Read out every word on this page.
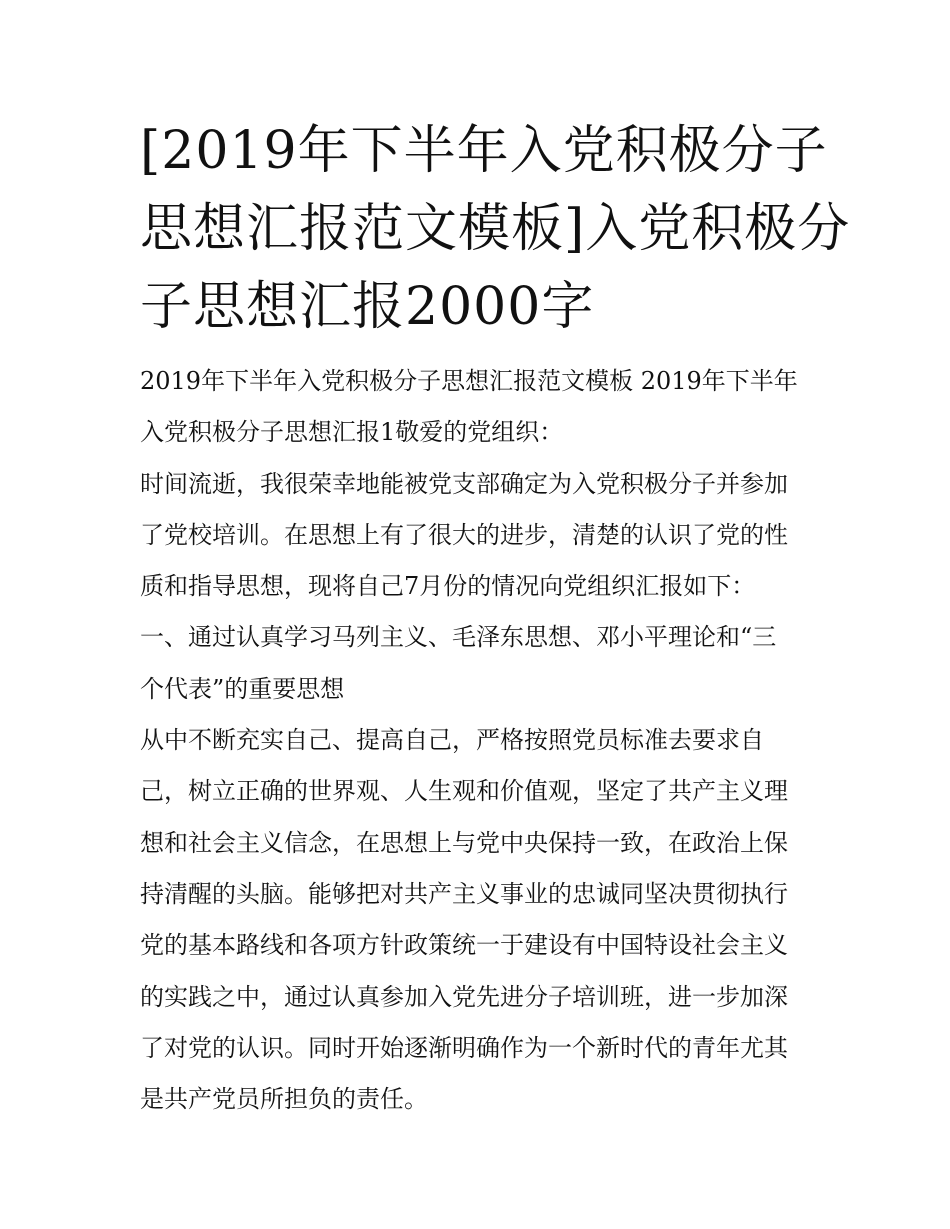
[2019年下半年入党积极分子
思想汇报范文模板]入党积极分
子思想汇报2000字
2019年下半年入党积极分子思想汇报范文模板 2019年下半年
入党积极分子思想汇报1敬爱的党组织：
时间流逝，我很荣幸地能被党支部确定为入党积极分子并参加
了党校培训。在思想上有了很大的进步，清楚的认识了党的性
质和指导思想，现将自己7月份的情况向党组织汇报如下：
一、通过认真学习马列主义、毛泽东思想、邓小平理论和“三
个代表”的重要思想
从中不断充实自己、提高自己，严格按照党员标准去要求自
己，树立正确的世界观、人生观和价值观，坚定了共产主义理
想和社会主义信念，在思想上与党中央保持一致，在政治上保
持清醒的头脑。能够把对共产主义事业的忠诚同坚决贯彻执行
党的基本路线和各项方针政策统一于建设有中国特设社会主义
的实践之中，通过认真参加入党先进分子培训班，进一步加深
了对党的认识。同时开始逐渐明确作为一个新时代的青年尤其
是共产党员所担负的责任。
